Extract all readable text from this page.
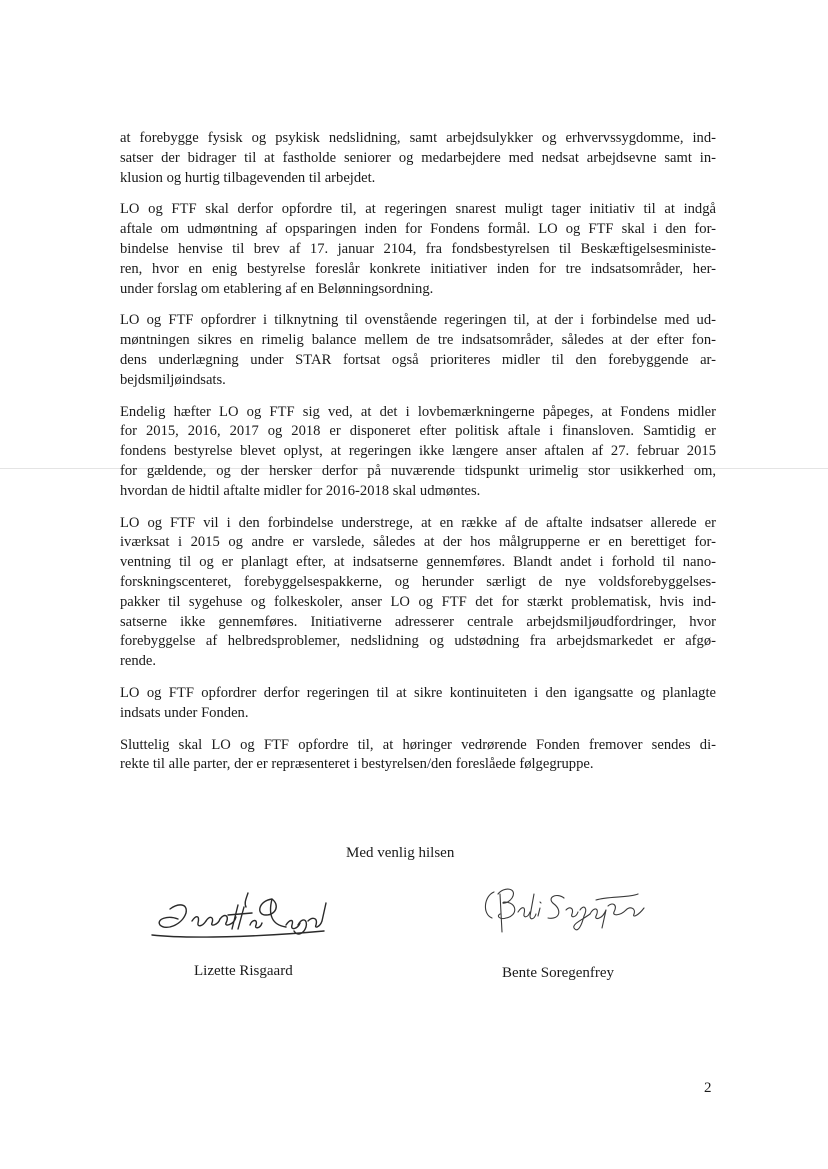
at forebygge fysisk og psykisk nedslidning, samt arbejdsulykker og erhvervssygdomme, ind-
satser der bidrager til at fastholde seniorer og medarbejdere med nedsat arbejdsevne samt in-
klusion og hurtig tilbagevenden til arbejdet.

LO og FTF skal derfor opfordre til, at regeringen snarest muligt tager initiativ til at indgå
aftale om udmøntning af opsparingen inden for Fondens formål. LO og FTF skal i den for-
bindelse henvise til brev af 17. januar 2104, fra fondsbestyrelsen til Beskæftigelsesministe-
ren, hvor en enig bestyrelse foreslår konkrete initiativer inden for tre indsatsområder, her-
under forslag om etablering af en Belønningsordning.

LO og FTF opfordrer i tilknytning til ovenstående regeringen til, at der i forbindelse med ud-
møntningen sikres en rimelig balance mellem de tre indsatsområder, således at der efter fon-
dens underlægning under STAR fortsat også prioriteres midler til den forebyggende ar-
bejdsmiljøindsats.

Endelig hæfter LO og FTF sig ved, at det i lovbemærkningerne påpeges, at Fondens midler
for 2015, 2016, 2017 og 2018 er disponeret efter politisk aftale i finansloven. Samtidig er
fondens bestyrelse blevet oplyst, at regeringen ikke længere anser aftalen af 27. februar 2015
for gældende, og der hersker derfor på nuværende tidspunkt urimelig stor usikkerhed om,
hvordan de hidtil aftalte midler for 2016-2018 skal udmøntes.

LO og FTF vil i den forbindelse understrege, at en række af de aftalte indsatser allerede er
iværksat i 2015 og andre er varslede, således at der hos målgrupperne er en berettiget for-
ventning til og er planlagt efter, at indsatserne gennemføres. Blandt andet i forhold til nano-
forskningscenteret, forebyggelsespakkerne, og herunder særligt de nye voldsforebyggelses-
pakker til sygehuse og folkeskoler, anser LO og FTF det for stærkt problematisk, hvis ind-
satserne ikke gennemføres. Initiativerne adresserer centrale arbejdsmiljøudfordringer, hvor
forebyggelse af helbredsproblemer, nedslidning og udstødning fra arbejdsmarkedet er afgø-
rende.

LO og FTF opfordrer derfor regeringen til at sikre kontinuiteten i den igangsatte og planlagte
indsats under Fonden.

Sluttelig skal LO og FTF opfordre til, at høringer vedrørende Fonden fremover sendes di-
rekte til alle parter, der er repræsenteret i bestyrelsen/den foreslåede følgegruppe.

Med venlig hilsen
Lizette Risgaard	Bente Soregenfrey
2
